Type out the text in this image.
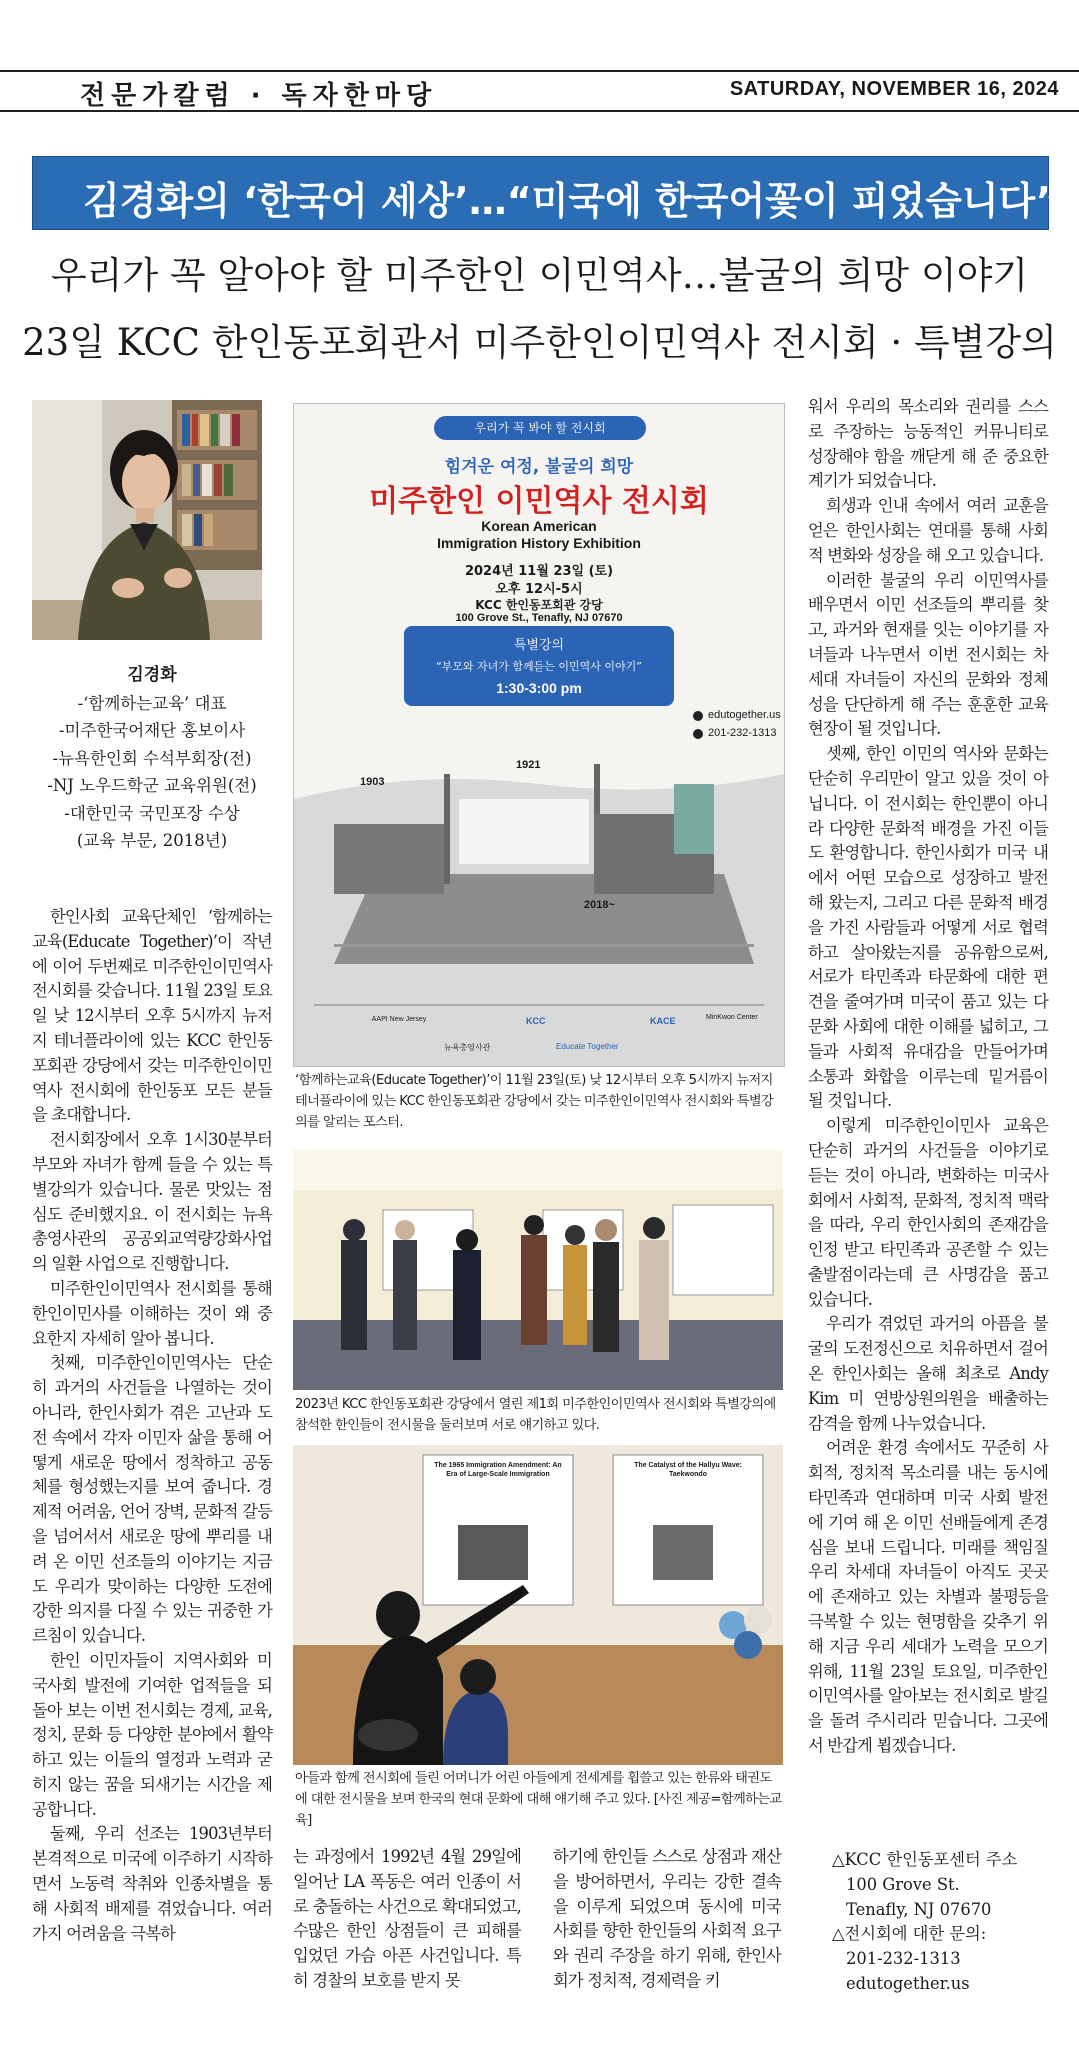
전문가칼럼 · 독자한마당	SATURDAY, NOVEMBER 16, 2024
김경화의 ‘한국어 세상’…“미국에 한국어꽃이 피었습니다”
우리가 꼭 알아야 할 미주한인 이민역사…불굴의 희망 이야기
23일 KCC 한인동포회관서 미주한인이민역사 전시회 · 특별강의
김경화
-‘함께하는교육’ 대표
-미주한국어재단 홍보이사
-뉴욕한인회 수석부회장(전)
-NJ 노우드학군 교육위원(전)
-대한민국 국민포장 수상
(교육 부문, 2018년)

한인사회 교육단체인 ‘함께하는교육(Educate Together)’이 작년에 이어 두번째로 미주한인이민역사 전시회를 갖습니다. 11월 23일 토요일 낮 12시부터 오후 5시까지 뉴저지 테너플라이에 있는 KCC 한인동포회관 강당에서 갖는 미주한인이민역사 전시회에 한인동포 모든 분들을 초대합니다.

전시회장에서 오후 1시30분부터 부모와 자녀가 함께 들을 수 있는 특별강의가 있습니다. 물론 맛있는 점심도 준비했지요. 이 전시회는 뉴욕총영사관의 공공외교역량강화사업의 일환 사업으로 진행합니다.

미주한인이민역사 전시회를 통해 한인이민사를 이해하는 것이 왜 중요한지 자세히 알아 봅니다.

첫째, 미주한인이민역사는 단순히 과거의 사건들을 나열하는 것이 아니라, 한인사회가 겪은 고난과 도전 속에서 각자 이민자 삶을 통해 어떻게 새로운 땅에서 정착하고 공동체를 형성했는지를 보여 줍니다. 경제적 어려움, 언어 장벽, 문화적 갈등을 넘어서서 새로운 땅에 뿌리를 내려 온 이민 선조들의 이야기는 지금도 우리가 맞이하는 다양한 도전에 강한 의지를 다질 수 있는 귀중한 가르침이 있습니다.

한인 이민자들이 지역사회와 미국사회 발전에 기여한 업적들을 되돌아 보는 이번 전시회는 경제, 교육, 정치, 문화 등 다양한 분야에서 활약하고 있는 이들의 열정과 노력과 굳히지 않는 꿈을 되새기는 시간을 제공합니다.

둘째, 우리 선조는 1903년부터 본격적으로 미국에 이주하기 시작하면서 노동력 착취와 인종차별을 통해 사회적 배제를 겪었습니다. 여러가지 어려움을 극복하

우리가 꼭 봐야 할 전시회
힘겨운 여정, 불굴의 희망
미주한인 이민역사 전시회
Korean American
Immigration History Exhibition
2024년 11월 23일 (토)
오후 12시-5시
KCC 한인동포회관 강당
100 Grove St., Tenafly, NJ 07670
특별강의
“부모와 자녀가 함께듣는 이민역사 이야기”
1:30-3:00 pm
edutogether.us
201-232-1313
1903
1921
2018~
AAPI New Jersey	KCC	KACE	MinKwon Center
뉴욕총영사관	Educate Together
‘함께하는교육(Educate Together)’이 11월 23일(토) 낮 12시부터 오후 5시까지 뉴저지 테너플라이에 있는 KCC 한인동포회관 강당에서 갖는 미주한인이민역사 전시회와 특별강의를 알리는 포스터.
2023년 KCC 한인동포회관 강당에서 열린 제1회 미주한인이민역사 전시회와 특별강의에 참석한 한인들이 전시물을 둘러보며 서로 얘기하고 있다.
The 1965 Immigration Amendment: An Era of Large-Scale Immigration
The Catalyst of the Hallyu Wave: Taekwondo
아들과 함께 전시회에 들린 어머니가 어린 아들에게 전세계를 휩쓸고 있는 한류와 태권도에 대한 전시물을 보며 한국의 현대 문화에 대해 얘기해 주고 있다. [사진 제공=함께하는교육]

는 과정에서 1992년 4월 29일에 일어난 LA 폭동은 여러 인종이 서로 충돌하는 사건으로 확대되었고, 수많은 한인 상점들이 큰 피해를 입었던 가슴 아픈 사건입니다. 특히 경찰의 보호를 받지 못

하기에 한인들 스스로 상점과 재산을 방어하면서, 우리는 강한 결속을 이루게 되었으며 동시에 미국 사회를 향한 한인들의 사회적 요구와 권리 주장을 하기 위해, 한인사회가 정치적, 경제력을 키

워서 우리의 목소리와 권리를 스스로 주장하는 능동적인 커뮤니티로 성장해야 함을 깨닫게 해 준 중요한 계기가 되었습니다.

희생과 인내 속에서 여러 교훈을 얻은 한인사회는 연대를 통해 사회적 변화와 성장을 해 오고 있습니다.

이러한 불굴의 우리 이민역사를 배우면서 이민 선조들의 뿌리를 찾고, 과거와 현재를 잇는 이야기를 자녀들과 나누면서 이번 전시회는 차세대 자녀들이 자신의 문화와 정체성을 단단하게 해 주는 훈훈한 교육현장이 될 것입니다.

셋째, 한인 이민의 역사와 문화는 단순히 우리만이 알고 있을 것이 아닙니다. 이 전시회는 한인뿐이 아니라 다양한 문화적 배경을 가진 이들도 환영합니다. 한인사회가 미국 내에서 어떤 모습으로 성장하고 발전해 왔는지, 그리고 다른 문화적 배경을 가진 사람들과 어떻게 서로 협력하고 살아왔는지를 공유함으로써, 서로가 타민족과 타문화에 대한 편견을 줄여가며 미국이 품고 있는 다문화 사회에 대한 이해를 넓히고, 그들과 사회적 유대감을 만들어가며 소통과 화합을 이루는데 밑거름이 될 것입니다.

이렇게 미주한인이민사 교육은 단순히 과거의 사건들을 이야기로 듣는 것이 아니라, 변화하는 미국사회에서 사회적, 문화적, 정치적 맥락을 따라, 우리 한인사회의 존재감을 인정 받고 타민족과 공존할 수 있는 출발점이라는데 큰 사명감을 품고 있습니다.

우리가 겪었던 과거의 아픔을 불굴의 도전정신으로 치유하면서 걸어 온 한인사회는 올해 최초로 Andy Kim 미 연방상원의원을 배출하는 감격을 함께 나누었습니다.

어려운 환경 속에서도 꾸준히 사회적, 정치적 목소리를 내는 동시에 타민족과 연대하며 미국 사회 발전에 기여 해 온 이민 선배들에게 존경심을 보내 드립니다. 미래를 책임질 우리 차세대 자녀들이 아직도 곳곳에 존재하고 있는 차별과 불평등을 극복할 수 있는 현명함을 갖추기 위해 지금 우리 세대가 노력을 모으기 위해, 11월 23일 토요일, 미주한인이민역사를 알아보는 전시회로 발길을 돌려 주시리라 믿습니다. 그곳에서 반갑게 뵙겠습니다.

△KCC 한인동포센터 주소
100 Grove St.
Tenafly, NJ 07670
△전시회에 대한 문의:
201-232-1313
edutogether.us
